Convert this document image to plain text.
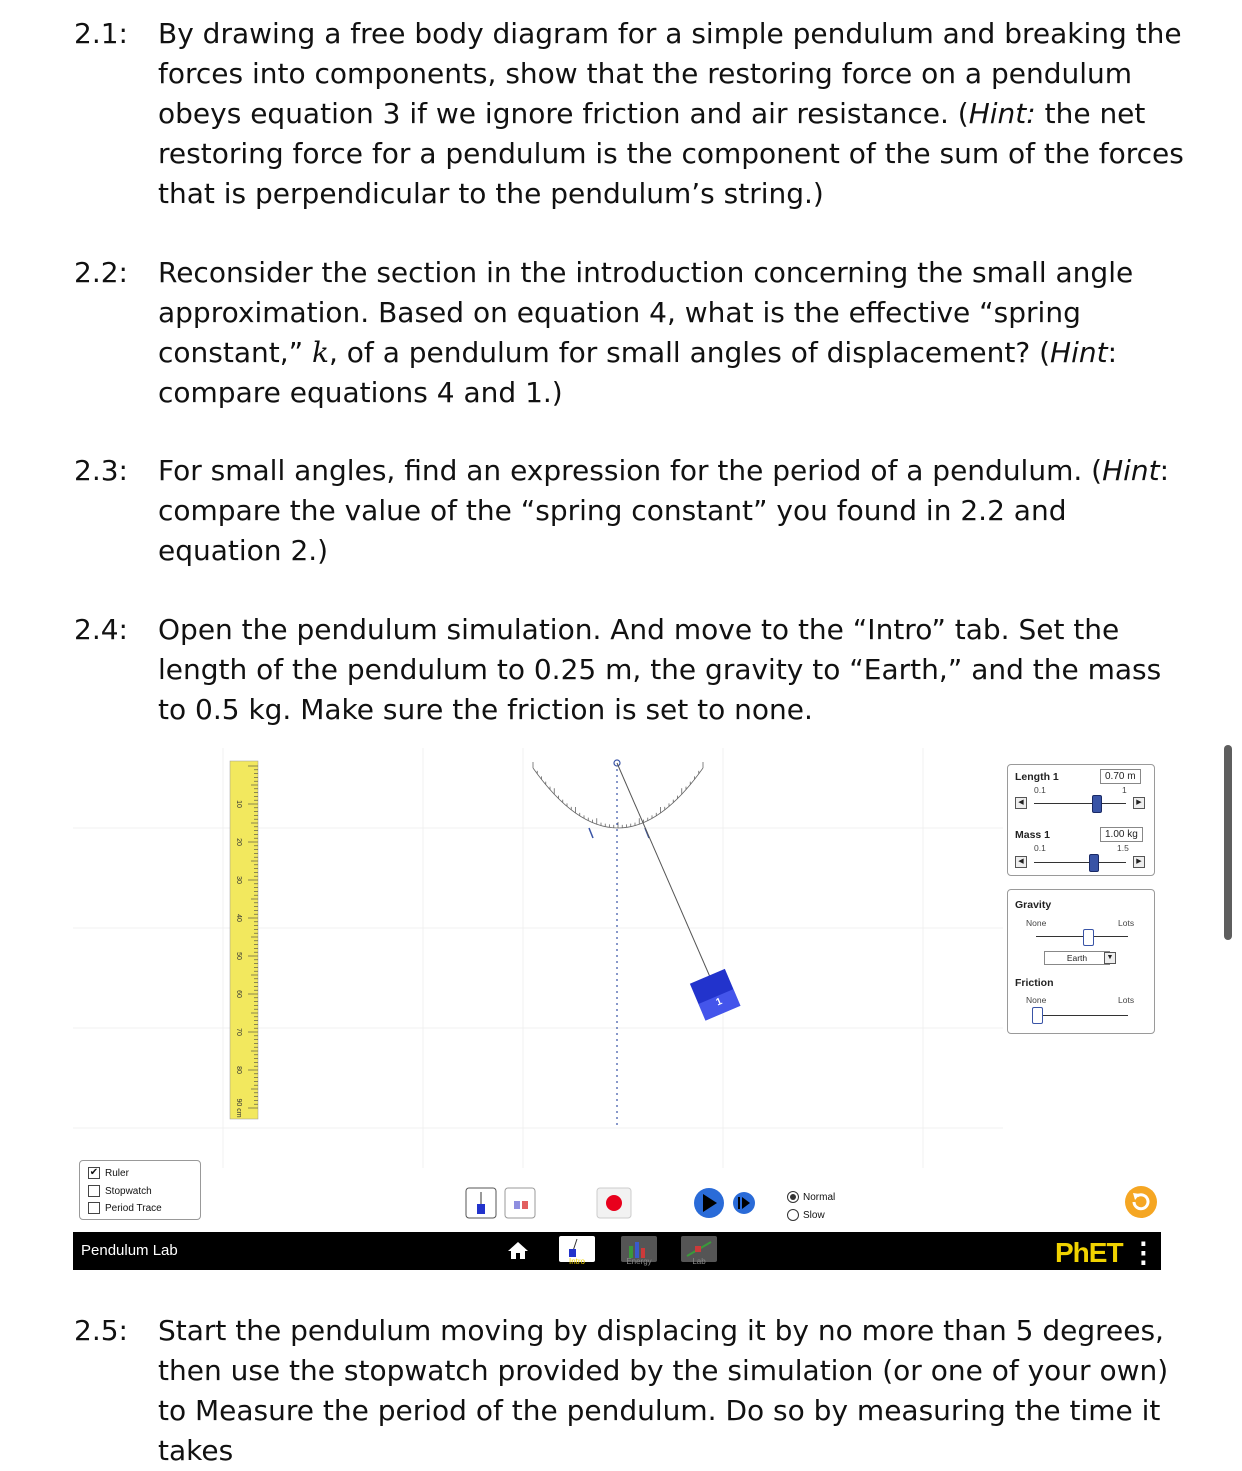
2.1: By drawing a free body diagram for a simple pendulum and breaking the forces into components, show that the restoring force on a pendulum obeys equation 3 if we ignore friction and air resistance. (Hint: the net restoring force for a pendulum is the component of the sum of the forces that is perpendicular to the pendulum’s string.)
2.2: Reconsider the section in the introduction concerning the small angle approximation. Based on equation 4, what is the effective “spring constant,” k, of a pendulum for small angles of displacement? (Hint: compare equations 4 and 1.)
2.3: For small angles, find an expression for the period of a pendulum. (Hint: compare the value of the “spring constant” you found in 2.2 and equation 2.)
2.4: Open the pendulum simulation. And move to the “Intro” tab. Set the length of the pendulum to 0.25 m, the gravity to “Earth,” and the mass to 0.5 kg. Make sure the friction is set to none.
10
20
30
40
50
60
70
80
90 cm
1
Length 1	0.70 m
0.1	1
◀	▶
Mass 1	1.00 kg
0.1	1.5
◀	▶
Gravity
None	Lots
Earth	▼
Friction
None	Lots
✔ Ruler
Stopwatch
Period Trace
Normal
Slow
Pendulum Lab
Intro	Energy	Lab	PhET ⋮
2.5: Start the pendulum moving by displacing it by no more than 5 degrees, then use the stopwatch provided by the simulation (or one of your own) to Measure the period of the pendulum. Do so by measuring the time it takes
